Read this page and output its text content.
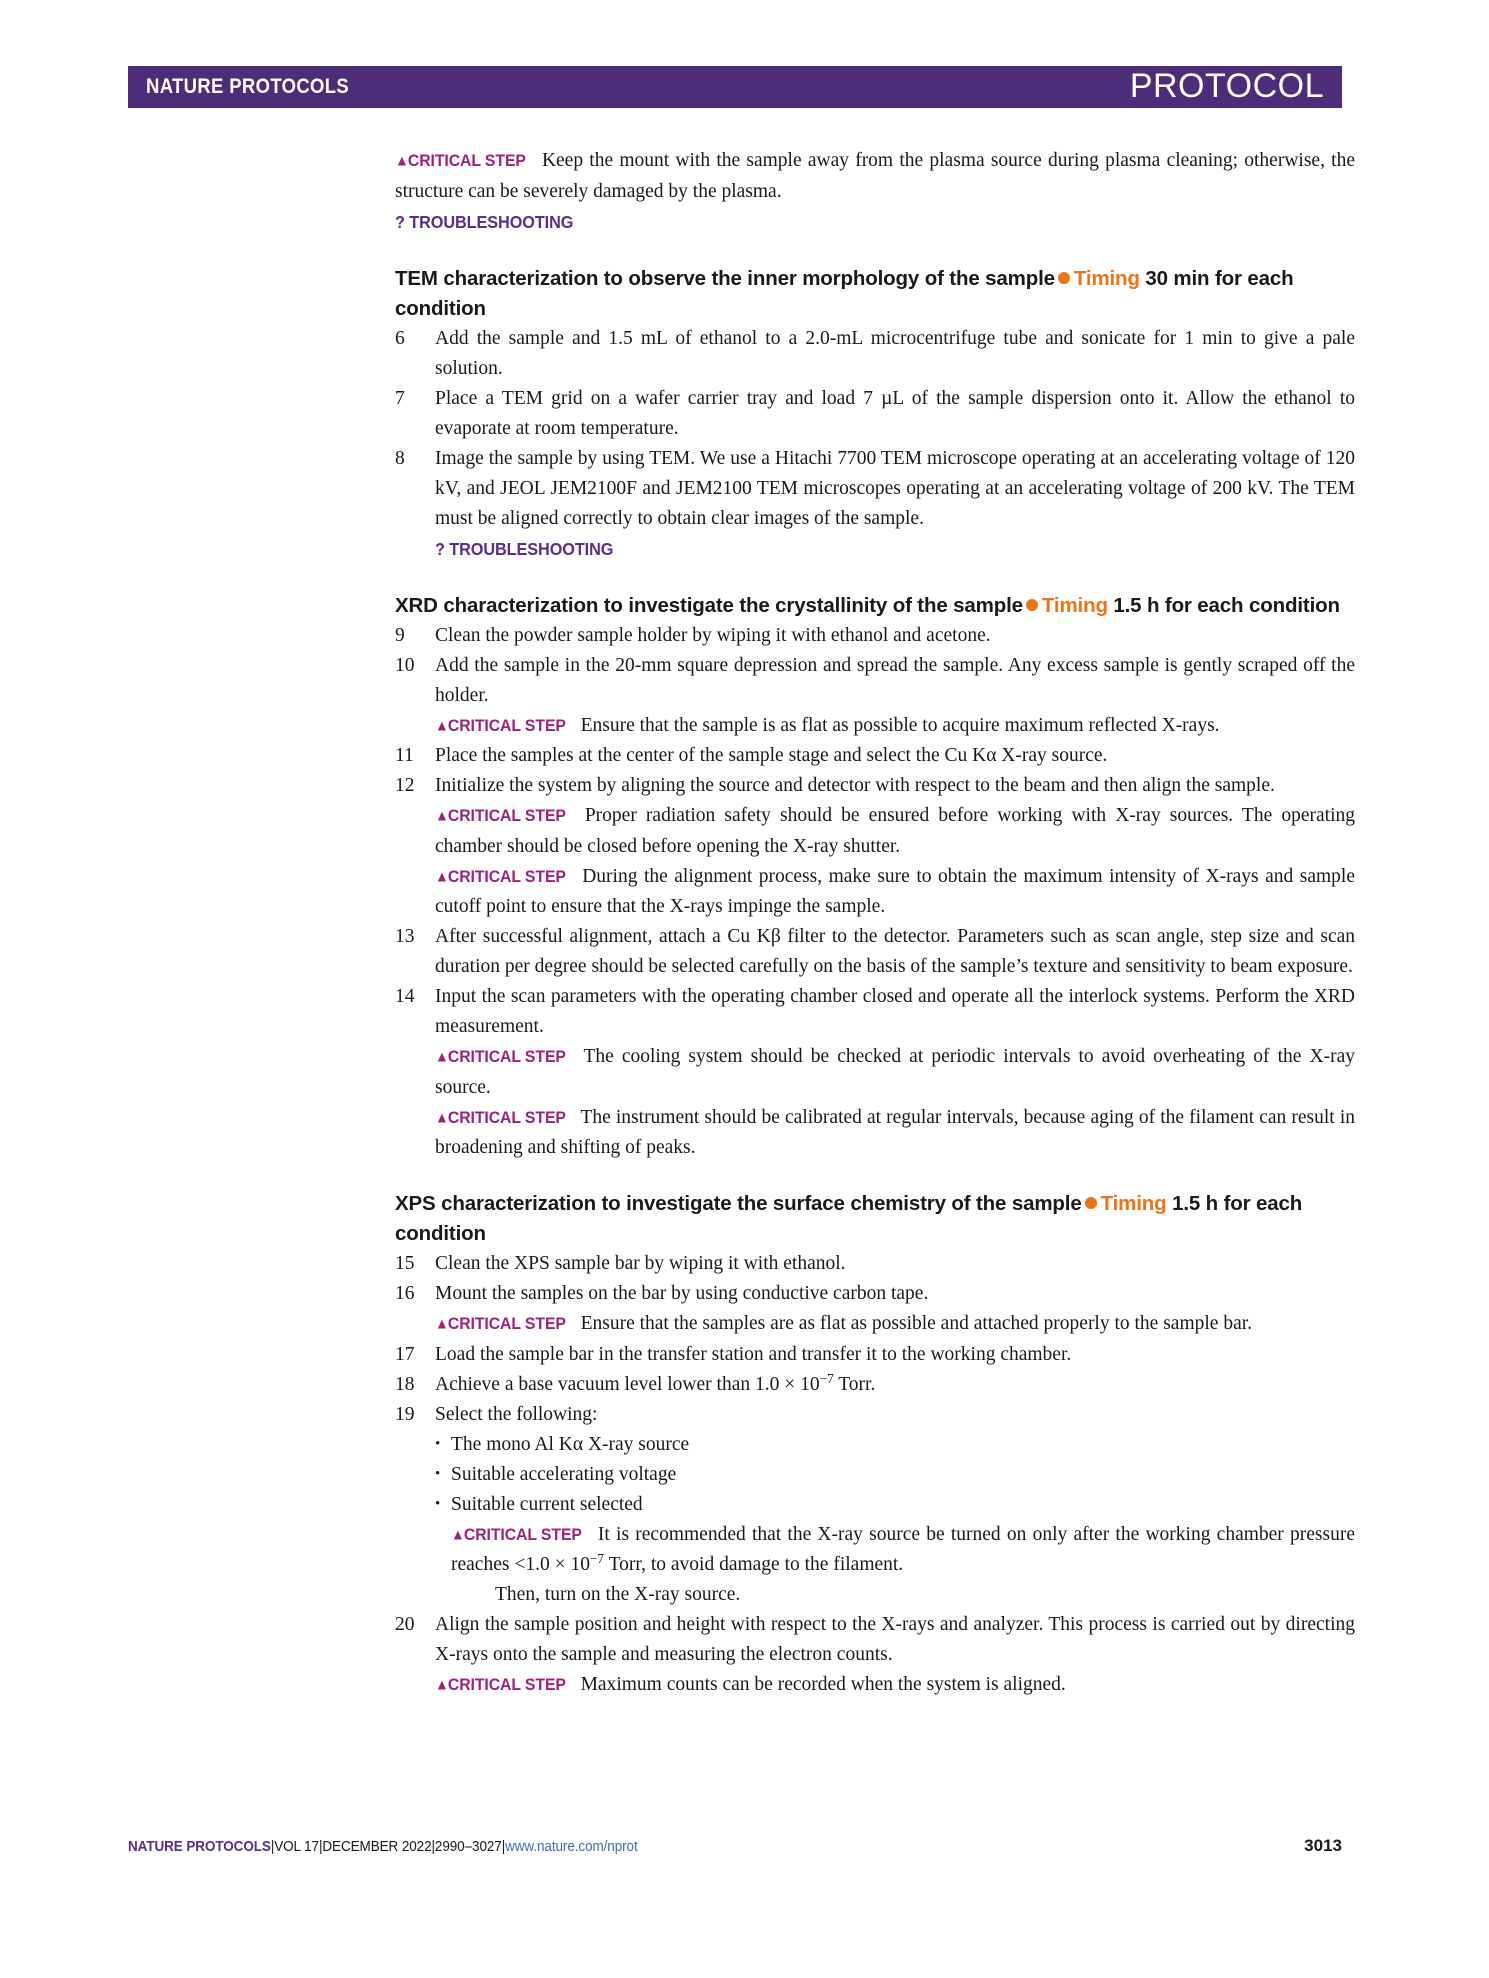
NATURE PROTOCOLS	PROTOCOL

▲CRITICAL STEP Keep the mount with the sample away from the plasma source during plasma cleaning; otherwise, the structure can be severely damaged by the plasma.

? TROUBLESHOOTING

TEM characterization to observe the inner morphology of the sample Timing 30 min for each condition

6	Add the sample and 1.5 mL of ethanol to a 2.0-mL microcentrifuge tube and sonicate for 1 min to give a pale solution.

7	Place a TEM grid on a wafer carrier tray and load 7 µL of the sample dispersion onto it. Allow the ethanol to evaporate at room temperature.

8	Image the sample by using TEM. We use a Hitachi 7700 TEM microscope operating at an accelerating voltage of 120 kV, and JEOL JEM2100F and JEM2100 TEM microscopes operating at an accelerating voltage of 200 kV. The TEM must be aligned correctly to obtain clear images of the sample.

? TROUBLESHOOTING

XRD characterization to investigate the crystallinity of the sample Timing 1.5 h for each condition

9	Clean the powder sample holder by wiping it with ethanol and acetone.

10	Add the sample in the 20-mm square depression and spread the sample. Any excess sample is gently scraped off the holder.

▲CRITICAL STEP Ensure that the sample is as flat as possible to acquire maximum reflected X-rays.

11	Place the samples at the center of the sample stage and select the Cu Kα X-ray source.

12	Initialize the system by aligning the source and detector with respect to the beam and then align the sample.

▲CRITICAL STEP Proper radiation safety should be ensured before working with X-ray sources. The operating chamber should be closed before opening the X-ray shutter.

▲CRITICAL STEP During the alignment process, make sure to obtain the maximum intensity of X-rays and sample cutoff point to ensure that the X-rays impinge the sample.

13	After successful alignment, attach a Cu Kβ filter to the detector. Parameters such as scan angle, step size and scan duration per degree should be selected carefully on the basis of the sample’s texture and sensitivity to beam exposure.

14	Input the scan parameters with the operating chamber closed and operate all the interlock systems. Perform the XRD measurement.

▲CRITICAL STEP The cooling system should be checked at periodic intervals to avoid overheating of the X-ray source.

▲CRITICAL STEP The instrument should be calibrated at regular intervals, because aging of the filament can result in broadening and shifting of peaks.

XPS characterization to investigate the surface chemistry of the sample Timing 1.5 h for each condition

15	Clean the XPS sample bar by wiping it with ethanol.

16	Mount the samples on the bar by using conductive carbon tape.

▲CRITICAL STEP Ensure that the samples are as flat as possible and attached properly to the sample bar.

17	Load the sample bar in the transfer station and transfer it to the working chamber.

18	Achieve a base vacuum level lower than $1.0 \times 10^{-7}$ Torr.

19	Select the following:

• The mono Al Kα X-ray source
• Suitable accelerating voltage
• Suitable current selected

▲CRITICAL STEP It is recommended that the X-ray source be turned on only after the working chamber pressure reaches $<1.0 \times 10^{-7}$ Torr, to avoid damage to the filament.

Then, turn on the X-ray source.

20	Align the sample position and height with respect to the X-rays and analyzer. This process is carried out by directing X-rays onto the sample and measuring the electron counts.

▲CRITICAL STEP Maximum counts can be recorded when the system is aligned.

NATURE PROTOCOLS|VOL 17|DECEMBER 2022|2990–3027|www.nature.com/nprot	3013
